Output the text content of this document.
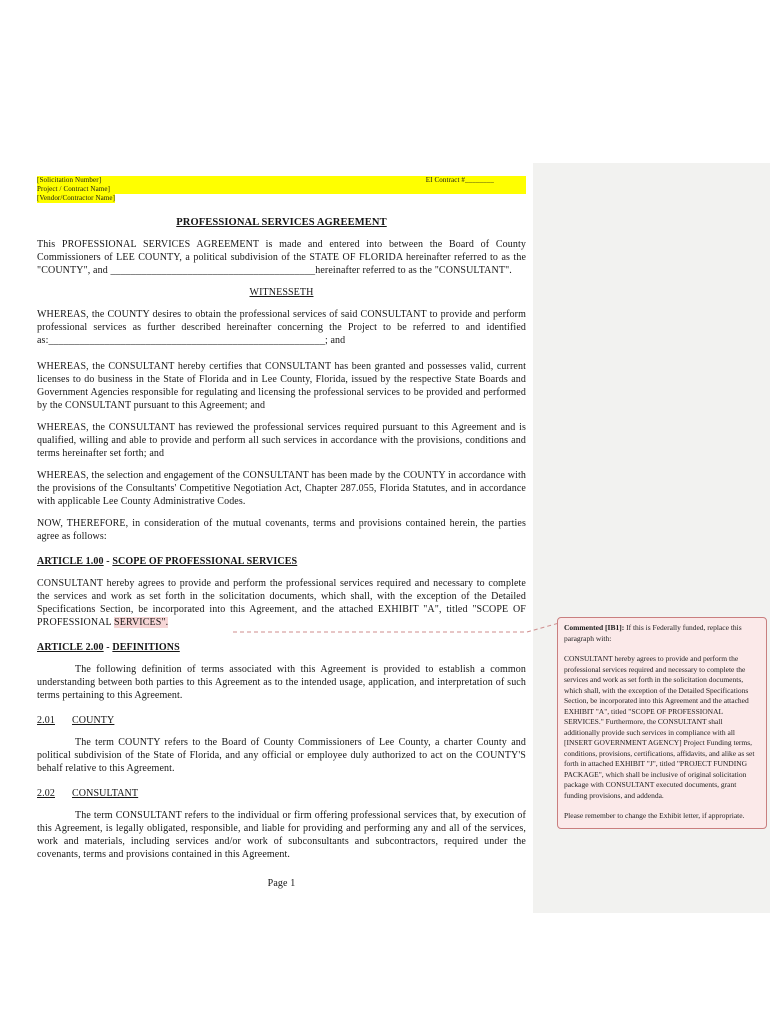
[Solicitation Number]	EI Contract #________
Project / Contract Name]
[Vendor/Contractor Name]
PROFESSIONAL SERVICES AGREEMENT

This PROFESSIONAL SERVICES AGREEMENT is made and entered into between the Board of County Commissioners of LEE COUNTY, a political subdivision of the STATE OF FLORIDA hereinafter referred to as the "COUNTY", and ________________________________________hereinafter referred to as the "CONSULTANT".

WITNESSETH

WHEREAS, the COUNTY desires to obtain the professional services of said CONSULTANT to provide and perform professional services as further described hereinafter concerning the Project to be referred to and identified as:______________________________________________________; and

WHEREAS, the CONSULTANT hereby certifies that CONSULTANT has been granted and possesses valid, current licenses to do business in the State of Florida and in Lee County, Florida, issued by the respective State Boards and Government Agencies responsible for regulating and licensing the professional services to be provided and performed by the CONSULTANT pursuant to this Agreement; and

WHEREAS, the CONSULTANT has reviewed the professional services required pursuant to this Agreement and is qualified, willing and able to provide and perform all such services in accordance with the provisions, conditions and terms hereinafter set forth; and

WHEREAS, the selection and engagement of the CONSULTANT has been made by the COUNTY in accordance with the provisions of the Consultants' Competitive Negotiation Act, Chapter 287.055, Florida Statutes, and in accordance with applicable Lee County Administrative Codes.

NOW, THEREFORE, in consideration of the mutual covenants, terms and provisions contained herein, the parties agree as follows:

ARTICLE 1.00 - SCOPE OF PROFESSIONAL SERVICES

CONSULTANT hereby agrees to provide and perform the professional services required and necessary to complete the services and work as set forth in the solicitation documents, which shall, with the exception of the Detailed Specifications Section, be incorporated into this Agreement, and the attached EXHIBIT "A", titled "SCOPE OF PROFESSIONAL SERVICES".

ARTICLE 2.00 - DEFINITIONS

The following definition of terms associated with this Agreement is provided to establish a common understanding between both parties to this Agreement as to the intended usage, application, and interpretation of such terms pertaining to this Agreement.

2.01 COUNTY

The term COUNTY refers to the Board of County Commissioners of Lee County, a charter County and political subdivision of the State of Florida, and any official or employee duly authorized to act on the COUNTY'S behalf relative to this Agreement.

2.02 CONSULTANT

The term CONSULTANT refers to the individual or firm offering professional services that, by execution of this Agreement, is legally obligated, responsible, and liable for providing and performing any and all of the services, work and materials, including services and/or work of subconsultants and subcontractors, required under the covenants, terms and provisions contained in this Agreement.

Page 1

Commented [IB1]: If this is Federally funded, replace this paragraph with:

CONSULTANT hereby agrees to provide and perform the professional services required and necessary to complete the services and work as set forth in the solicitation documents, which shall, with the exception of the Detailed Specifications Section, be incorporated into this Agreement and the attached EXHIBIT "A", titled "SCOPE OF PROFESSIONAL SERVICES." Furthermore, the CONSULTANT shall additionally provide such services in compliance with all [INSERT GOVERNMENT AGENCY] Project Funding terms, conditions, provisions, certifications, affidavits, and alike as set forth in attached EXHIBIT "J", titled "PROJECT FUNDING PACKAGE", which shall be inclusive of original solicitation package with CONSULTANT executed documents, grant funding provisions, and addenda.

Please remember to change the Exhibit letter, if appropriate.
